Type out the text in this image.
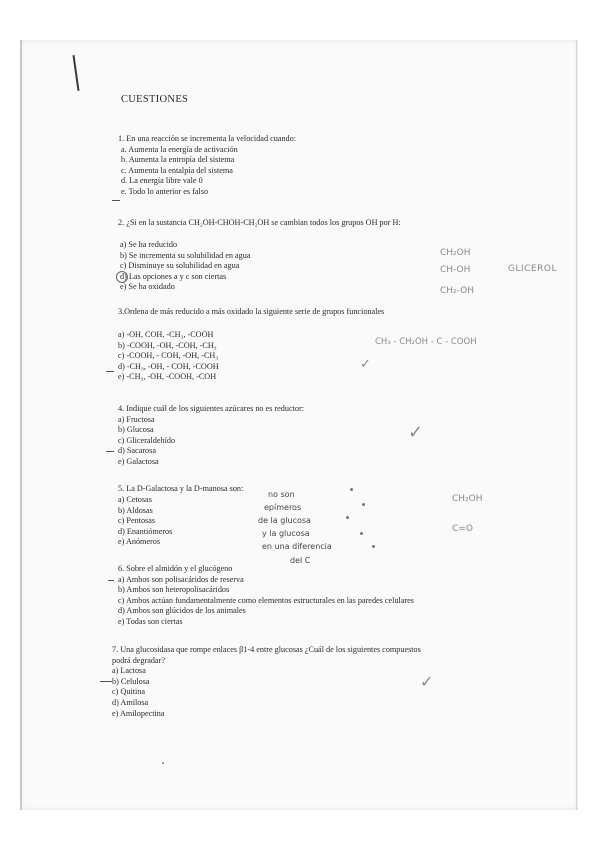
CUESTIONES
1. En una reacción se incrementa la velocidad cuando:
a. Aumenta la energía de activación
b. Aumenta la entropía del sistema
c. Aumenta la entalpía del sistema
d. La energía libre vale 0
e. Todo lo anterior es falso
2. ¿Si en la sustancia CH₂OH-CHOH-CH₂OH se cambian todos los grupos OH por H:
a) Se ha reducido
b) Se incrementa su solubilidad en agua
c) Disminuye su solubilidad en agua
d) Las opciones a y c son ciertas
e) Se ha oxidado
CH₂OH
CH-OH
CH₂-OH
GLICEROL
3.Ordena de más reducido a más oxidado la siguiente serie de grupos funcionales
a) -OH, COH, -CH₃, -COOH
b) -COOH, -OH, -COH, -CH₃
c) -COOH, - COH, -OH, -CH₃
d) -CH₃, -OH, - COH, -COOH
e) -CH₃, -OH, -COOH, -COH
CH₃ - CH₂OH - C - COOH
✓
4. Indique cuál de los siguientes azúcares no es reductor:
a) Fructosa
b) Glucosa
c) Gliceraldehído
d) Sacarosa
e) Galactosa
✓
5. La D-Galactosa y la D-manosa son:
a) Cetosas
b) Aldosas
c) Pentosas
d) Enantiómeros
e) Anómeros
no son
epímeros
de la glucosa
y la glucosa
en una diferencia
del C
CH₂OH
C=O
6. Sobre el almidón y el glucógeno
a) Ambos son polisacáridos de reserva
b) Ambos son heteropolisacáridos
c) Ambos actúan fundamentalmente como elementos estructurales en las paredes celulares
d) Ambos son glúcidos de los animales
e) Todas son ciertas
7. Una glucosidasa que rompe enlaces β1-4 entre glucosas ¿Cuál de los siguientes compuestos
podrá degradar?
a) Lactosa
b) Celulosa
c) Quitina
d) Amilosa
e) Amilopectina
✓
